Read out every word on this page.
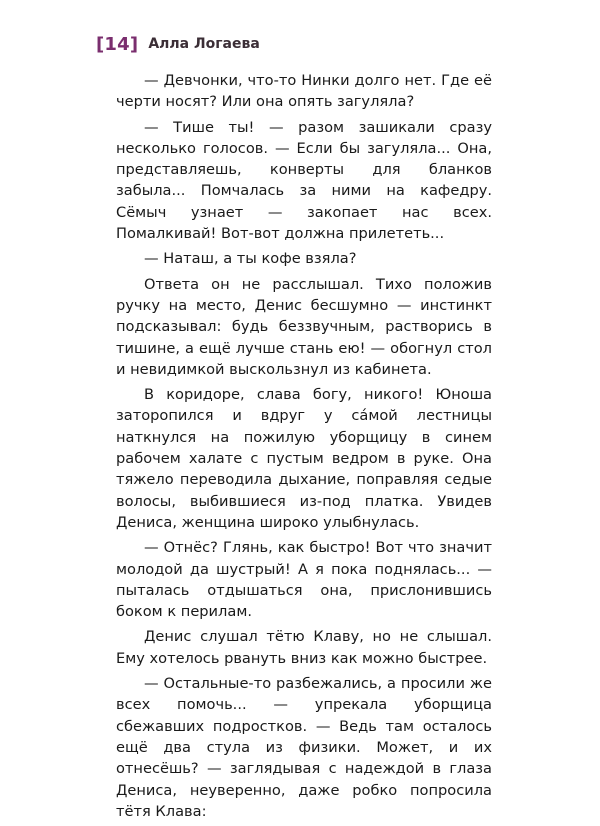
[14] Алла Логаева

— Девчонки, что-то Нинки долго нет. Где её черти носят? Или она опять загуляла?

— Тише ты! — разом зашикали сразу несколько голосов. — Если бы загуляла... Она, представляешь, конверты для бланков забыла... Помчалась за ними на кафедру. Сёмыч узнает — закопает нас всех. Помалкивай! Вот-вот должна прилететь...

— Наташ, а ты кофе взяла?

Ответа он не расслышал. Тихо положив ручку на место, Денис бесшумно — инстинкт подсказывал: будь беззвучным, растворись в тишине, а ещё лучше стань ею! — обогнул стол и невидимкой выскользнул из кабинета.

В коридоре, слава богу, никого! Юноша заторопился и вдруг у са́мой лестницы наткнулся на пожилую уборщицу в синем рабочем халате с пустым ведром в руке. Она тяжело переводила дыхание, поправляя седые волосы, выбившиеся из-под платка. Увидев Дениса, женщина широко улыбнулась.

— Отнёс? Глянь, как быстро! Вот что значит молодой да шустрый! А я пока поднялась... — пыталась отдышаться она, прислонившись боком к перилам.

Денис слушал тётю Клаву, но не слышал. Ему хотелось рвануть вниз как можно быстрее.

— Остальные-то разбежались, а просили же всех помочь... — упрекала уборщица сбежавших подростков. — Ведь там осталось ещё два стула из физики. Может, и их отнесёшь? — заглядывая с надеждой в глаза Дениса, неуверенно, даже робко попросила тётя Клава:
